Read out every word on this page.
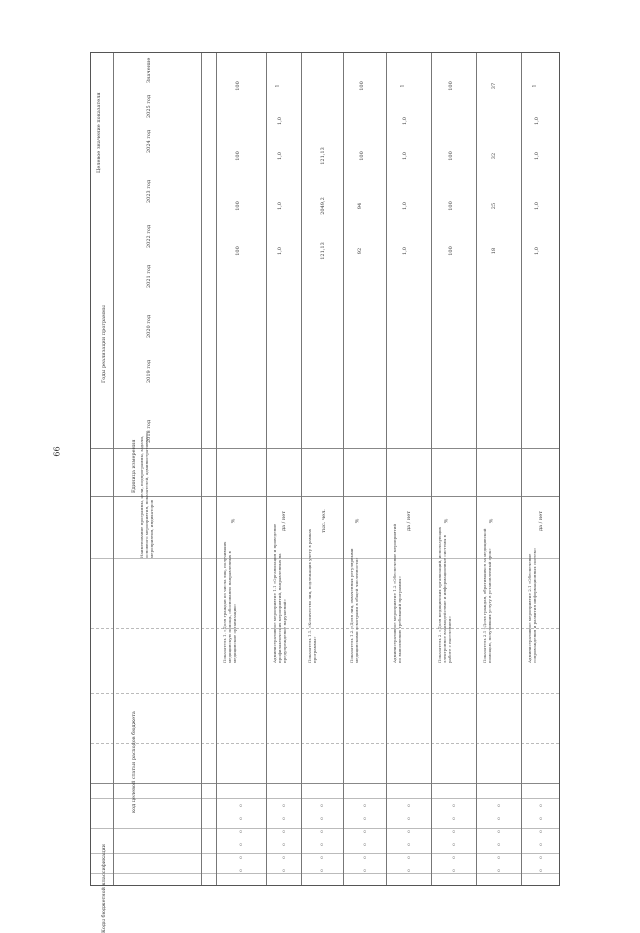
66
Целевое значение показателя
Годы реализации программы
Коды бюджетной классификации
код целевой статьи расходов бюджета
Наименование программы, цели, подпрограммы, задачи, основного мероприятия, показателей, административного мероприятия, индикаторов
Единица измерения
2018 год
2019 год
2020 год
2021 год
2022 год
2023 год
2024 год
2025 год
Значение
Показатель 1. «Доля граждан из числа лиц, получивших медицинскую помощь, обоснованно направленных в медицинские организации»
%
100
100
100
100
0
0
0
0
0
0
Административное мероприятие 1.1 «Организация и проведение профилактических мероприятий, направленных на предупреждение нарушений»
да / нет
1,0
1,0
1,0
1,0
1
0
0
0
0
0
0
Показатель 1.1. «Количество лиц, подлежащих учету в рамках программы»
тыс. чел.
121,13
2049,2
121,13
0
0
0
0
0
0
Показатель 1.2. «Доля лиц, охваченных регулярными медицинскими осмотрами в общей численности»
%
92
94
100
100
0
0
0
0
0
0
Административное мероприятие 1.2 «Обеспечение мероприятий по выполнению требований программы»
да / нет
1,0
1,0
1,0
1,0
1
0
0
0
0
0
0
Показатель 2. «Доля медицинских организаций, использующих электронное взаимодействие и информационные системы в работе с населением»
%
100
100
100
100
0
0
0
0
0
0
Показатель 2.1 «Доля граждан, обратившихся за медицинской помощью, получивших услугу в установленный срок»
%
18
25
32
37
0
0
0
0
0
0
Административное мероприятие 2.1 «Обеспечение сопровождения и развития информационных систем»
да / нет
1,0
1,0
1,0
1,0
1
0
0
0
0
0
0
